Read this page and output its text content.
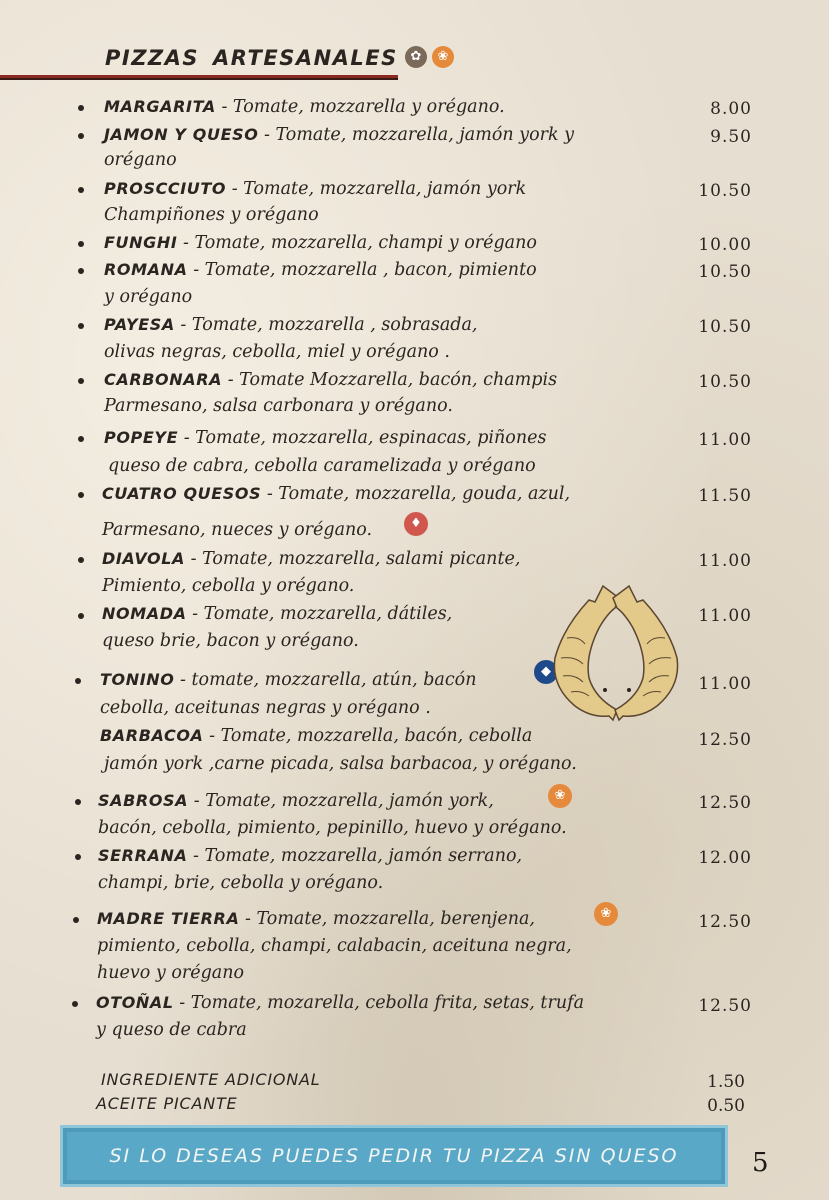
PIZZAS ARTESANALES ✿	❀
MARGARITA - Tomate, mozzarella y orégano.	8.00
JAMON Y QUESO - Tomate, mozzarella, jamón york y
orégano
9.50
PROSCCIUTO - Tomate, mozzarella, jamón york
Champiñones y orégano
10.50
FUNGHI - Tomate, mozzarella, champi y orégano	10.00
ROMANA - Tomate, mozzarella , bacon, pimiento
y orégano
10.50
PAYESA - Tomate, mozzarella , sobrasada,
olivas negras, cebolla, miel y orégano .
10.50
CARBONARA - Tomate Mozzarella, bacón, champis
Parmesano, salsa carbonara y orégano.
10.50
POPEYE - Tomate, mozzarella, espinacas, piñones
queso de cabra, cebolla caramelizada y orégano
11.00
CUATRO QUESOS - Tomate, mozzarella, gouda, azul,
Parmesano, nueces y orégano.	♦
11.50
DIAVOLA - Tomate, mozzarella, salami picante,
Pimiento, cebolla y orégano.
11.00
NOMADA - Tomate, mozzarella, dátiles,
queso brie, bacon y orégano.
11.00
TONINO - tomate, mozzarella, atún, bacón
cebolla, aceitunas negras y orégano .
◆
11.00
BARBACOA - Tomate, mozzarella, bacón, cebolla
jamón york ,carne picada, salsa barbacoa, y orégano.
12.50
SABROSA - Tomate, mozzarella, jamón york,
bacón, cebolla, pimiento, pepinillo, huevo y orégano.
❀	12.50
SERRANA - Tomate, mozzarella, jamón serrano,
champi, brie, cebolla y orégano.
12.00
MADRE TIERRA - Tomate, mozzarella, berenjena,
pimiento, cebolla, champi, calabacin, aceituna negra,
huevo y orégano
❀	12.50
OTOÑAL - Tomate, mozarella, cebolla frita, setas, trufa
y queso de cabra
12.50
INGREDIENTE ADICIONAL	1.50
ACEITE PICANTE	0.50
SI LO DESEAS PUEDES PEDIR TU PIZZA SIN QUESO	5
